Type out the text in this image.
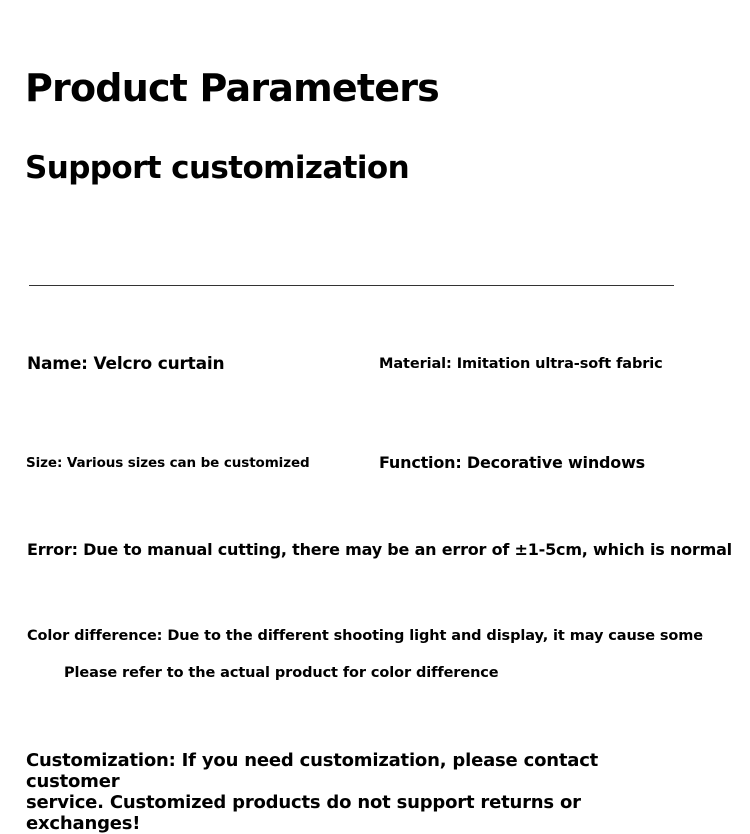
Product Parameters
Support customization
Name: Velcro curtain	Material: Imitation ultra-soft fabric
Size: Various sizes can be customized	Function: Decorative windows
Error: Due to manual cutting, there may be an error of ±1-5cm, which is normal
Color difference: Due to the different shooting light and display, it may cause some
Please refer to the actual product for color difference
Customization: If you need customization, please contact customer
service. Customized products do not support returns or exchanges!
